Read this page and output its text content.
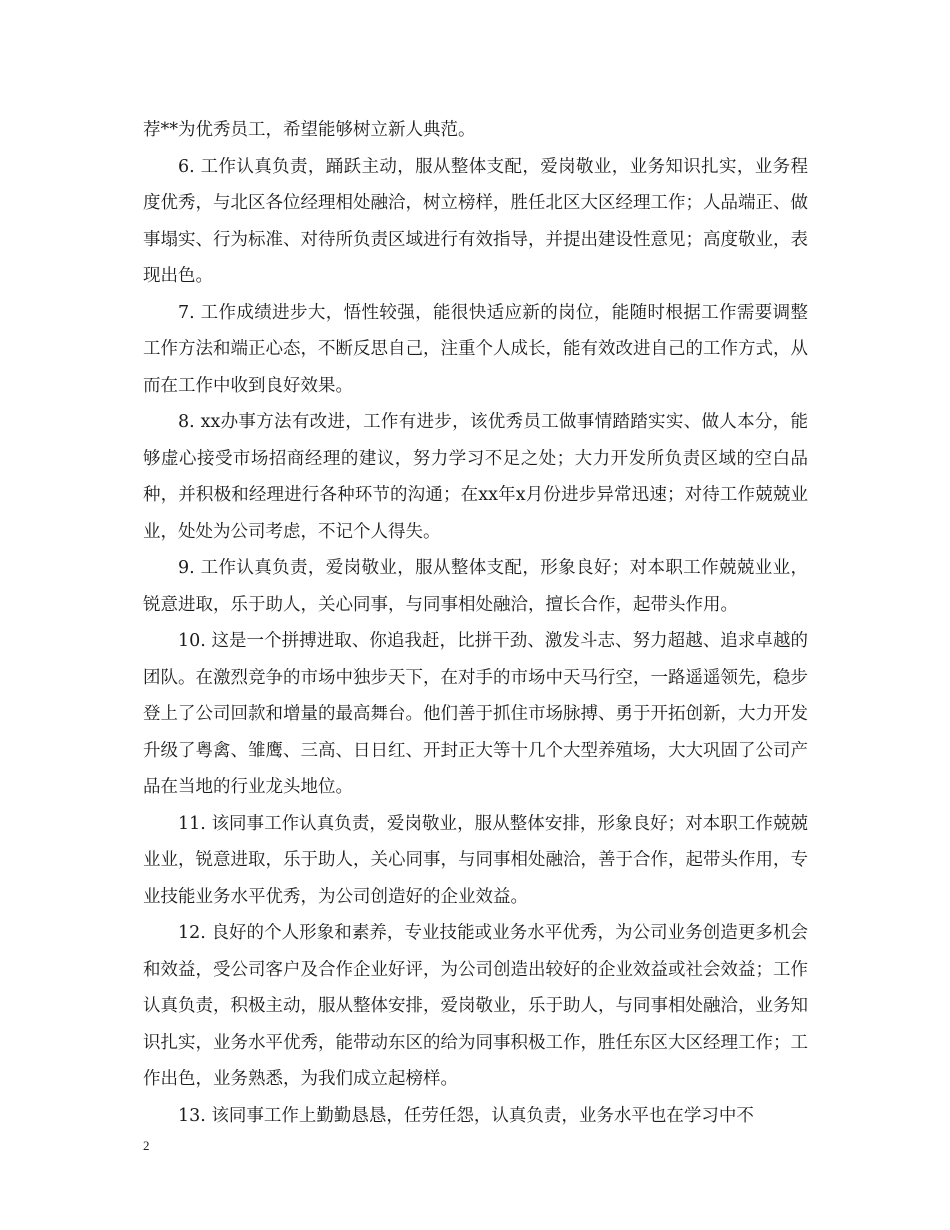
荐**为优秀员工，希望能够树立新人典范。

6. 工作认真负责，踊跃主动，服从整体支配，爱岗敬业，业务知识扎实，业务程度优秀，与北区各位经理相处融洽，树立榜样，胜任北区大区经理工作；人品端正、做事塌实、行为标准、对待所负责区域进行有效指导，并提出建设性意见；高度敬业，表现出色。

7. 工作成绩进步大，悟性较强，能很快适应新的岗位，能随时根据工作需要调整工作方法和端正心态，不断反思自己，注重个人成长，能有效改进自己的工作方式，从而在工作中收到良好效果。

8. xx办事方法有改进，工作有进步，该优秀员工做事情踏踏实实、做人本分，能够虚心接受市场招商经理的建议，努力学习不足之处；大力开发所负责区域的空白品种，并积极和经理进行各种环节的沟通；在xx年x月份进步异常迅速；对待工作兢兢业业，处处为公司考虑，不记个人得失。

9. 工作认真负责，爱岗敬业，服从整体支配，形象良好；对本职工作兢兢业业，锐意进取，乐于助人，关心同事，与同事相处融洽，擅长合作，起带头作用。

10. 这是一个拼搏进取、你追我赶，比拼干劲、激发斗志、努力超越、追求卓越的团队。在激烈竞争的市场中独步天下，在对手的市场中天马行空，一路遥遥领先，稳步登上了公司回款和增量的最高舞台。他们善于抓住市场脉搏、勇于开拓创新，大力开发升级了粤禽、雏鹰、三高、日日红、开封正大等十几个大型养殖场，大大巩固了公司产品在当地的行业龙头地位。

11. 该同事工作认真负责，爱岗敬业，服从整体安排，形象良好；对本职工作兢兢业业，锐意进取，乐于助人，关心同事，与同事相处融洽，善于合作，起带头作用，专业技能业务水平优秀，为公司创造好的企业效益。

12. 良好的个人形象和素养，专业技能或业务水平优秀，为公司业务创造更多机会和效益，受公司客户及合作企业好评，为公司创造出较好的企业效益或社会效益；工作认真负责，积极主动，服从整体安排，爱岗敬业，乐于助人，与同事相处融洽，业务知识扎实，业务水平优秀，能带动东区的给为同事积极工作，胜任东区大区经理工作；工作出色，业务熟悉，为我们成立起榜样。

13. 该同事工作上勤勤恳恳，任劳任怨，认真负责，业务水平也在学习中不

2
